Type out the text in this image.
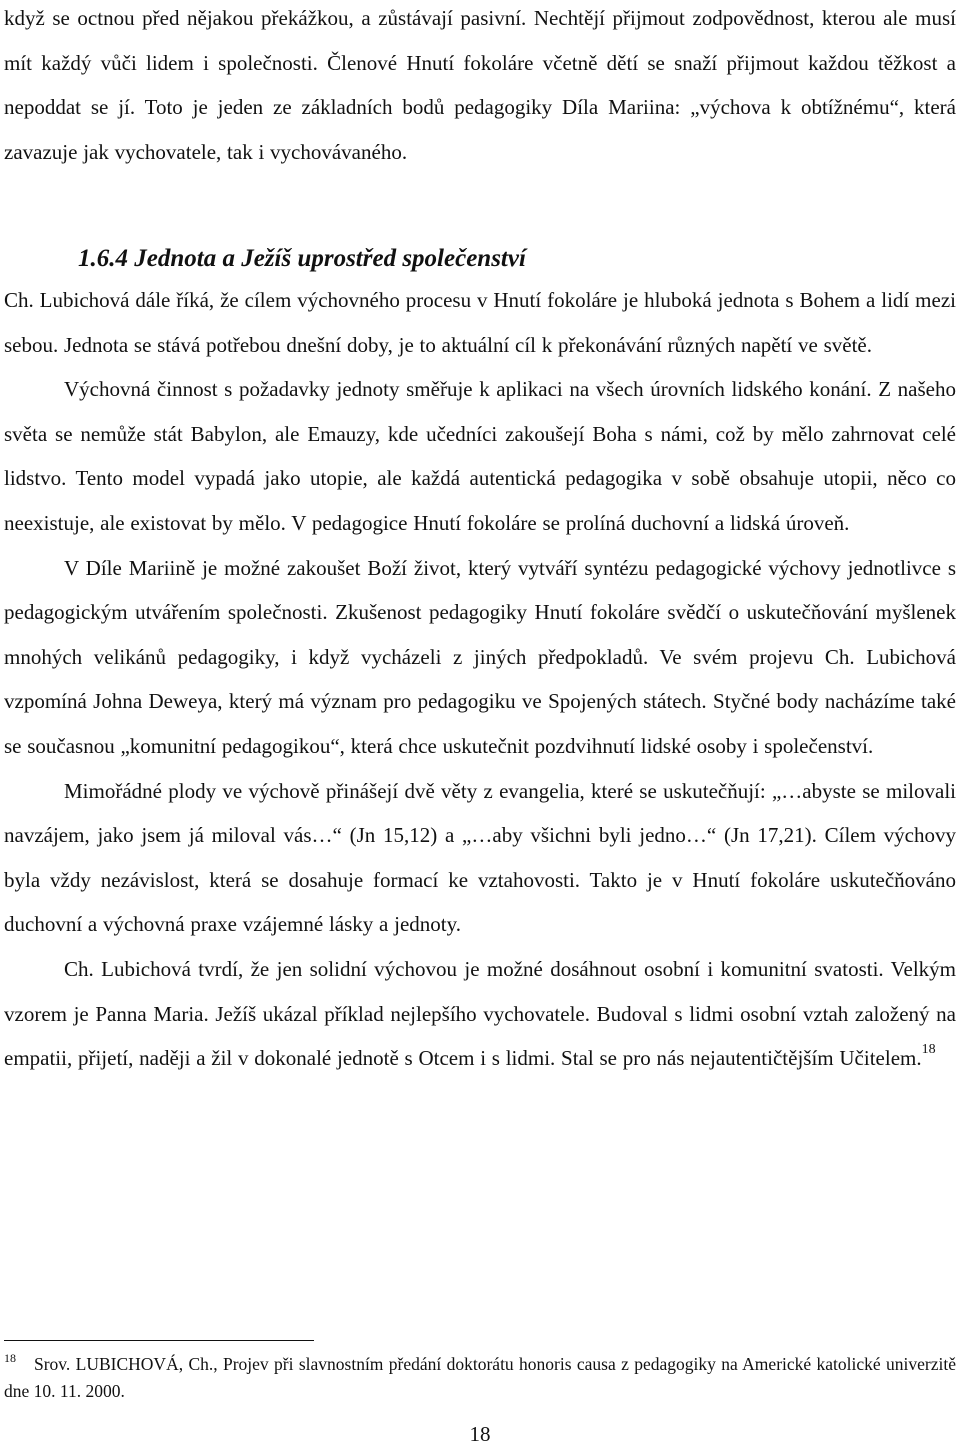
když se octnou před nějakou překážkou, a zůstávají pasivní. Nechtějí přijmout zodpovědnost, kterou ale musí mít každý vůči lidem i společnosti. Členové Hnutí fokoláre včetně dětí se snaží přijmout každou těžkost a nepoddat se jí. Toto je jeden ze základních bodů pedagogiky Díla Mariina: „výchova k obtížnému“, která zavazuje jak vychovatele, tak i vychovávaného.

1.6.4 Jednota a Ježíš uprostřed společenství

Ch. Lubichová dále říká, že cílem výchovného procesu v Hnutí fokoláre je hluboká jednota s Bohem a lidí mezi sebou. Jednota se stává potřebou dnešní doby, je to aktuální cíl k překonávání různých napětí ve světě.

Výchovná činnost s požadavky jednoty směřuje k aplikaci na všech úrovních lidského konání. Z našeho světa se nemůže stát Babylon, ale Emauzy, kde učedníci zakoušejí Boha s námi, což by mělo zahrnovat celé lidstvo. Tento model vypadá jako utopie, ale každá autentická pedagogika v sobě obsahuje utopii, něco co neexistuje, ale existovat by mělo. V pedagogice Hnutí fokoláre se prolíná duchovní a lidská úroveň.

V Díle Mariině je možné zakoušet Boží život, který vytváří syntézu pedagogické výchovy jednotlivce s pedagogickým utvářením společnosti. Zkušenost pedagogiky Hnutí fokoláre svědčí o uskutečňování myšlenek mnohých velikánů pedagogiky, i když vycházeli z jiných předpokladů. Ve svém projevu Ch. Lubichová vzpomíná Johna Deweya, který má význam pro pedagogiku ve Spojených státech. Styčné body nacházíme také se současnou „komunitní pedagogikou“, která chce uskutečnit pozdvihnutí lidské osoby i společenství.

Mimořádné plody ve výchově přinášejí dvě věty z evangelia, které se uskutečňují: „…abyste se milovali navzájem, jako jsem já miloval vás…“ (Jn 15,12) a „…aby všichni byli jedno…“ (Jn 17,21). Cílem výchovy byla vždy nezávislost, která se dosahuje formací ke vztahovosti. Takto je v Hnutí fokoláre uskutečňováno duchovní a výchovná praxe vzájemné lásky a jednoty.

Ch. Lubichová tvrdí, že jen solidní výchovou je možné dosáhnout osobní i komunitní svatosti. Velkým vzorem je Panna Maria. Ježíš ukázal příklad nejlepšího vychovatele. Budoval s lidmi osobní vztah založený na empatii, přijetí, naději a žil v dokonalé jednotě s Otcem i s lidmi. Stal se pro nás nejautentičtějším Učitelem.$^{18}$

$^{18}$ Srov. LUBICHOVÁ, Ch., Projev při slavnostním předání doktorátu honoris causa z pedagogiky na Americké katolické univerzitě dne 10. 11. 2000.

18
